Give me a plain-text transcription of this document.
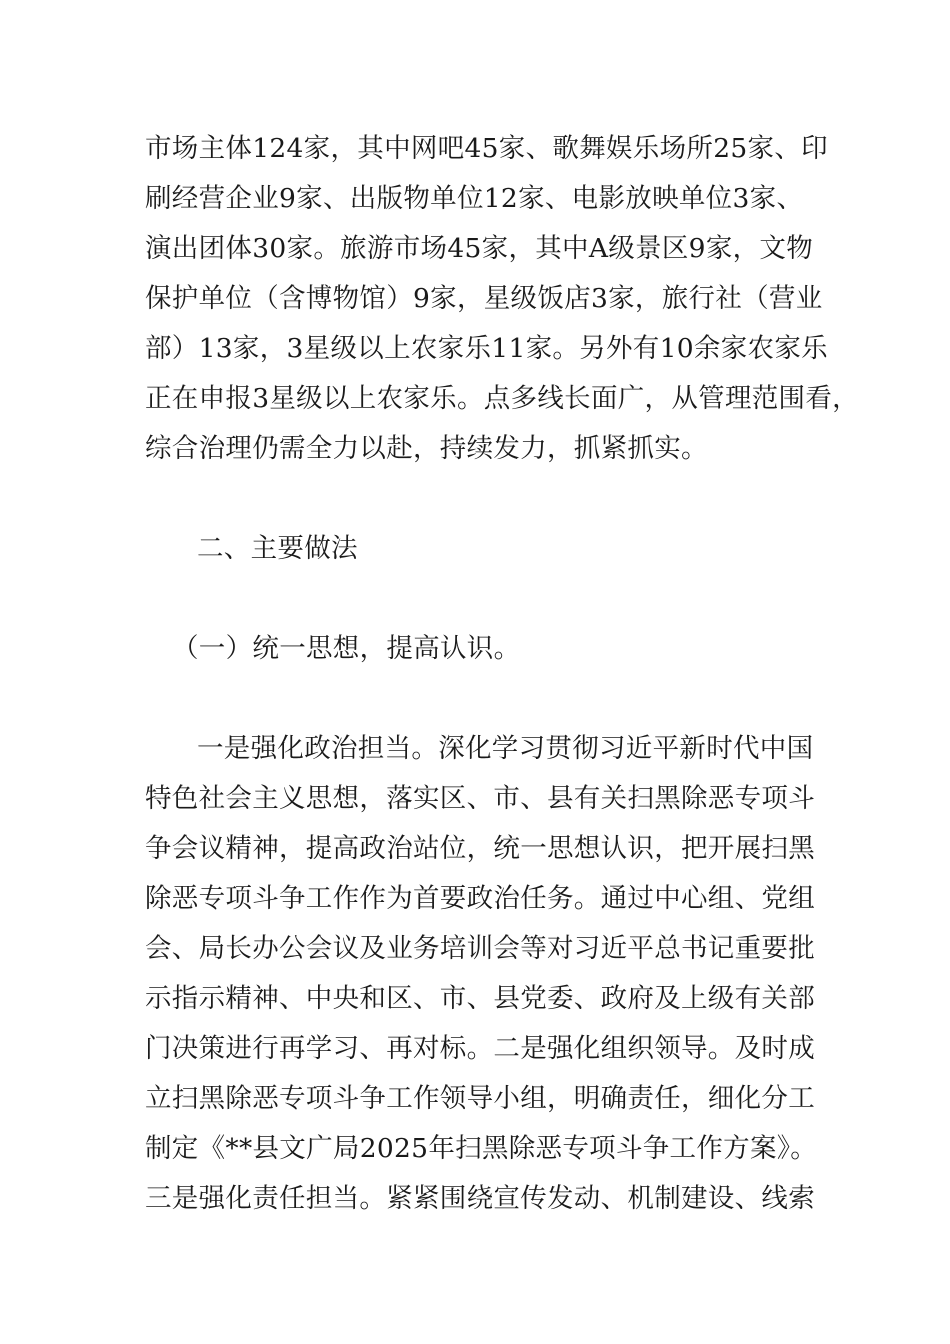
市场主体124家，其中网吧45家、歌舞娱乐场所25家、印
刷经营企业9家、出版物单位12家、电影放映单位3家、
演出团体30家。旅游市场45家，其中A级景区9家，文物
保护单位（含博物馆）9家，星级饭店3家，旅行社（营业
部）13家，3星级以上农家乐11家。另外有10余家农家乐
正在申报3星级以上农家乐。点多线长面广，从管理范围看，
综合治理仍需全力以赴，持续发力，抓紧抓实。
二、主要做法
（一）统一思想，提高认识。
一是强化政治担当。深化学习贯彻习近平新时代中国
特色社会主义思想，落实区、市、县有关扫黑除恶专项斗
争会议精神，提高政治站位，统一思想认识，把开展扫黑
除恶专项斗争工作作为首要政治任务。通过中心组、党组
会、局长办公会议及业务培训会等对习近平总书记重要批
示指示精神、中央和区、市、县党委、政府及上级有关部
门决策进行再学习、再对标。二是强化组织领导。及时成
立扫黑除恶专项斗争工作领导小组，明确责任，细化分工
制定《**县文广局2025年扫黑除恶专项斗争工作方案》。
三是强化责任担当。紧紧围绕宣传发动、机制建设、线索
